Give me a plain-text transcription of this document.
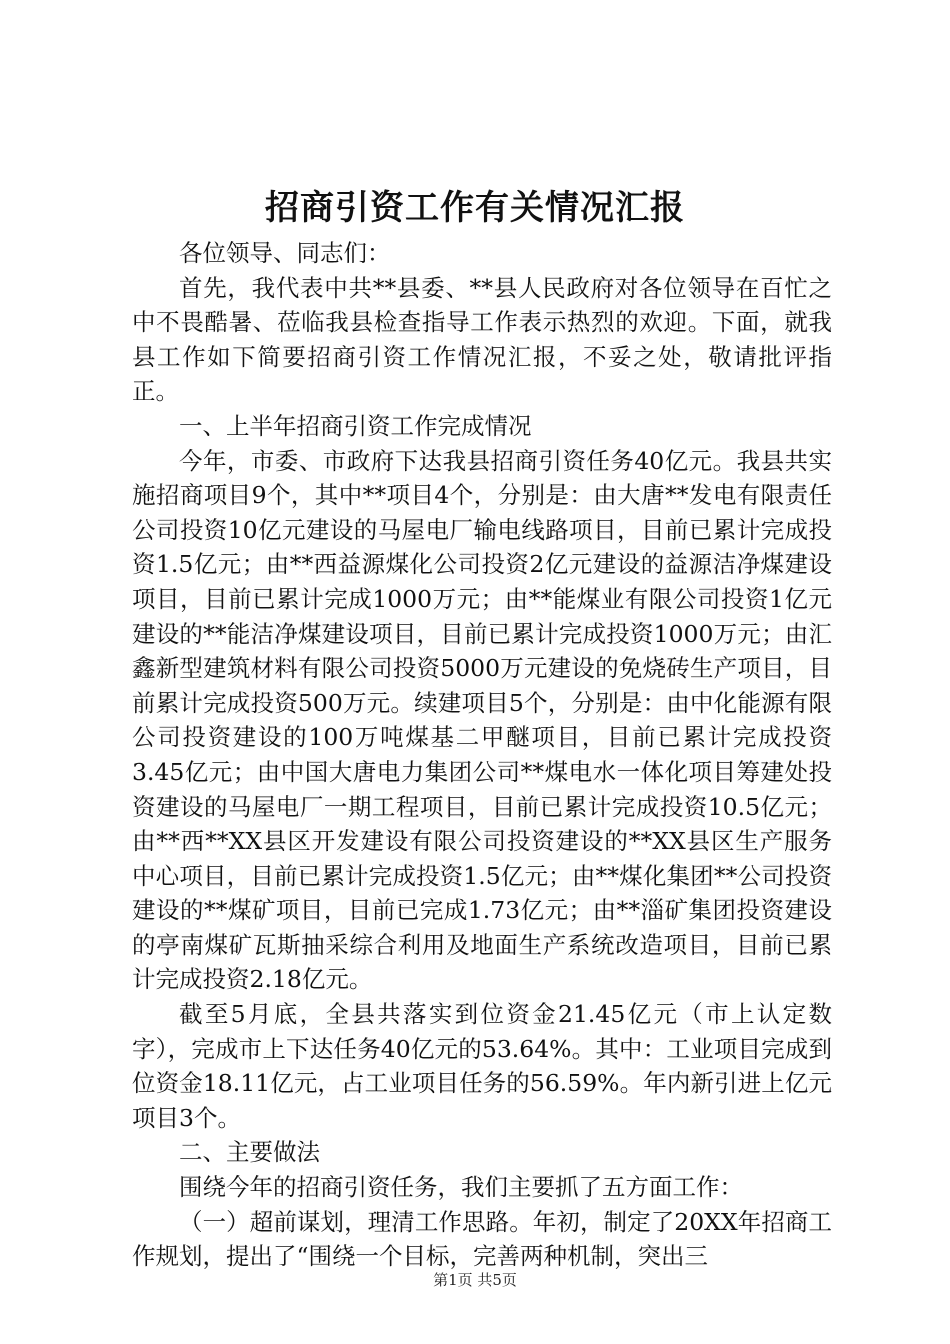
招商引资工作有关情况汇报

各位领导、同志们：

首先，我代表中共**县委、**县人民政府对各位领导在百忙之中不畏酷暑、莅临我县检查指导工作表示热烈的欢迎。下面，就我县工作如下简要招商引资工作情况汇报，不妥之处，敬请批评指正。

一、上半年招商引资工作完成情况

今年，市委、市政府下达我县招商引资任务40亿元。我县共实施招商项目9个，其中**项目4个，分别是：由大唐**发电有限责任公司投资10亿元建设的马屋电厂输电线路项目，目前已累计完成投资1.5亿元；由**西益源煤化公司投资2亿元建设的益源洁净煤建设项目，目前已累计完成1000万元；由**能煤业有限公司投资1亿元建设的**能洁净煤建设项目，目前已累计完成投资1000万元；由汇鑫新型建筑材料有限公司投资5000万元建设的免烧砖生产项目，目前累计完成投资500万元。续建项目5个，分别是：由中化能源有限公司投资建设的100万吨煤基二甲醚项目，目前已累计完成投资3.45亿元；由中国大唐电力集团公司**煤电水一体化项目筹建处投资建设的马屋电厂一期工程项目，目前已累计完成投资10.5亿元；由**西**XX县区开发建设有限公司投资建设的**XX县区生产服务中心项目，目前已累计完成投资1.5亿元；由**煤化集团**公司投资建设的**煤矿项目，目前已完成1.73亿元；由**淄矿集团投资建设的亭南煤矿瓦斯抽采综合利用及地面生产系统改造项目，目前已累计完成投资2.18亿元。

截至5月底，全县共落实到位资金21.45亿元（市上认定数字），完成市上下达任务40亿元的53.64%。其中：工业项目完成到位资金18.11亿元，占工业项目任务的56.59%。年内新引进上亿元项目3个。

二、主要做法

围绕今年的招商引资任务，我们主要抓了五方面工作：

（一）超前谋划，理清工作思路。年初，制定了20XX年招商工作规划，提出了“围绕一个目标，完善两种机制，突出三

第1页 共5页
